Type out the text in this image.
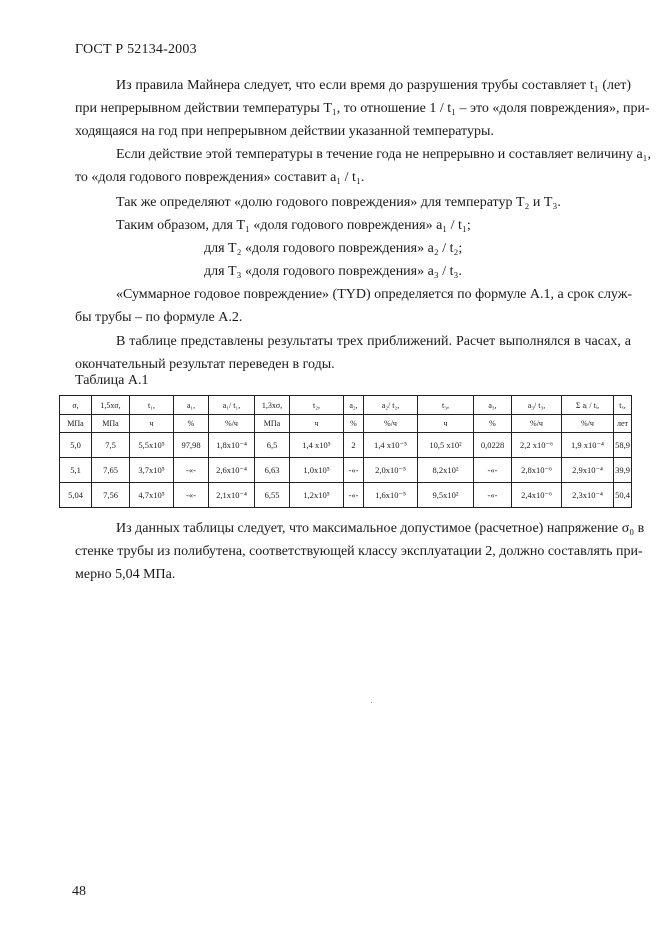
ГОСТ Р 52134-2003
Из правила Майнера следует, что если время до разрушения трубы составляет t₁ (лет)
при непрерывном действии температуры T₁, то отношение 1 / t₁ – это «доля повреждения», при-
ходящаяся на год при непрерывном действии указанной температуры.
Если действие этой температуры в течение года не непрерывно и составляет величину a₁,
то «доля годового повреждения» составит a₁ / t₁.
Так же определяют «долю годового повреждения» для температур T₂ и T₃.
Таким образом, для T₁ «доля годового повреждения» a₁ / t₁;
для T₂ «доля годового повреждения» a₂ / t₂;
для T₃ «доля годового повреждения» a₃ / t₃.
«Суммарное годовое повреждение» (TYD) определяется по формуле А.1, а срок служ-
бы трубы – по формуле А.2.
В таблице представлены результаты трех приближений. Расчет выполнялся в часах, а
окончательный результат переведен в годы.
Таблица А.1
σ,	1,5xσ,	t₁,	a₁,	a₁/ t₁,	1,3xσ,	t₂,	a₂,	a₂/ t₂,	t₃,	a₃,	a₃/ t₃,	Σ aᵢ / tᵢ,	tₓ,
МПа	МПа	ч	%	%/ч	МПа	ч	%	%/ч	ч	%	%/ч	%/ч	лет
5,0	7,5	5,5x10⁵	97,98	1,8x10⁻⁴	6,5	1,4 x10⁵	2	1,4 x10⁻⁵	10,5 x10²	0,0228	2,2 x10⁻⁶	1,9 x10⁻⁴	58,9
5,1	7,65	3,7x10⁵	-«-	2,6x10⁻⁴	6,63	1,0x10⁵	-«-	2,0x10⁻⁵	8,2x10²	-«-	2,8x10⁻⁶	2,9x10⁻⁴	39,9
5,04	7,56	4,7x10⁵	-«-	2,1x10⁻⁴	6,55	1,2x10⁵	-«-	1,6x10⁻⁵	9,5x10²	-«-	2,4x10⁻⁶	2,3x10⁻⁴	50,4
Из данных таблицы следует, что максимальное допустимое (расчетное) напряжение σ₀ в
стенке трубы из полибутена, соответствующей классу эксплуатации 2, должно составлять при-
мерно 5,04 МПа.
48
